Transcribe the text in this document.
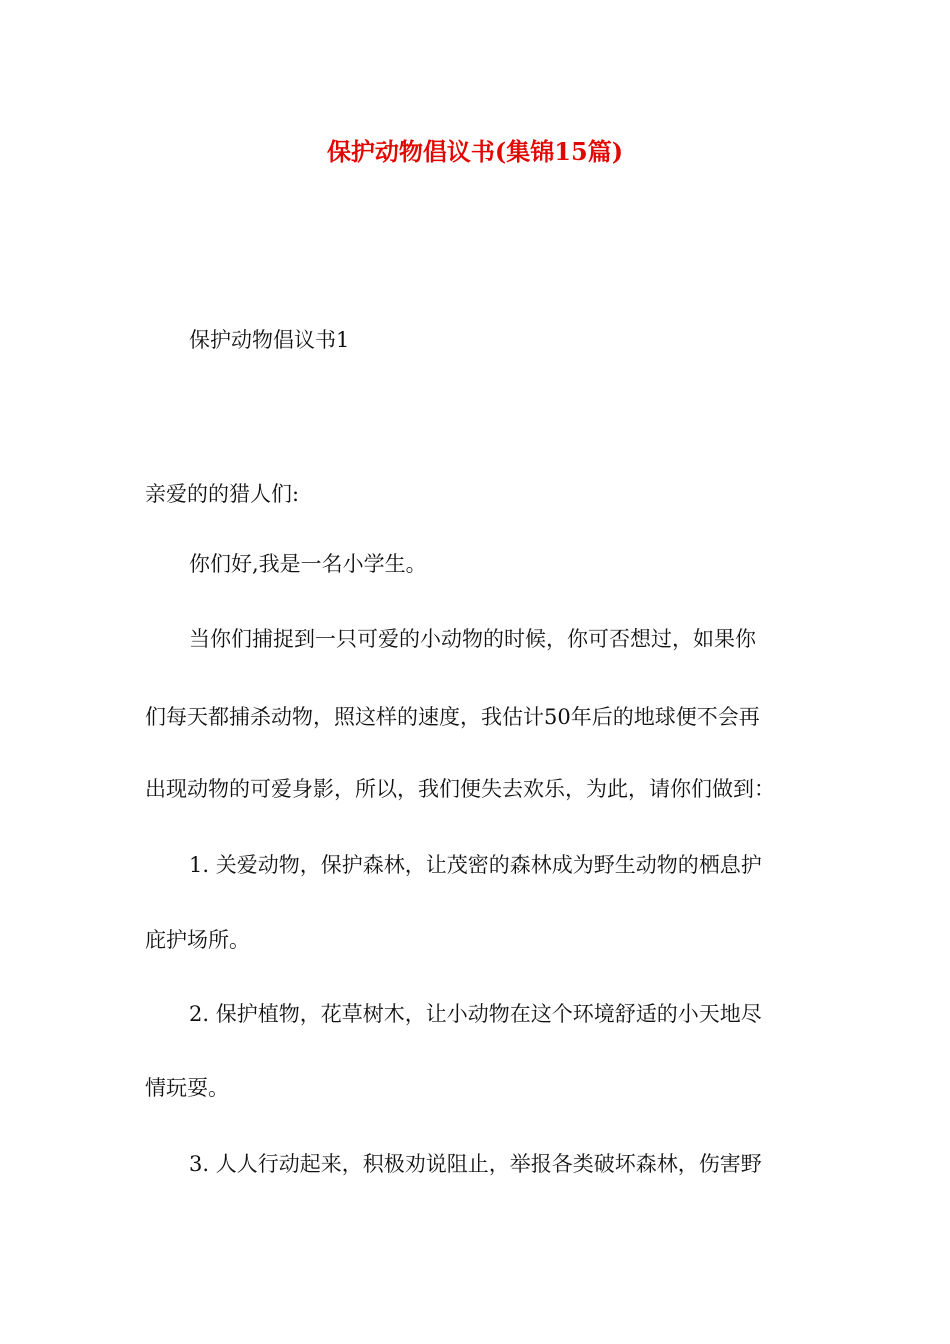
保护动物倡议书(集锦15篇)
保护动物倡议书1
亲爱的的猎人们:
你们好,我是一名小学生。
当你们捕捉到一只可爱的小动物的时候，你可否想过，如果你
们每天都捕杀动物，照这样的速度，我估计50年后的地球便不会再
出现动物的可爱身影，所以，我们便失去欢乐，为此，请你们做到：
1. 关爱动物，保护森林，让茂密的森林成为野生动物的栖息护
庇护场所。
2. 保护植物，花草树木，让小动物在这个环境舒适的小天地尽
情玩耍。
3. 人人行动起来，积极劝说阻止，举报各类破坏森林，伤害野
